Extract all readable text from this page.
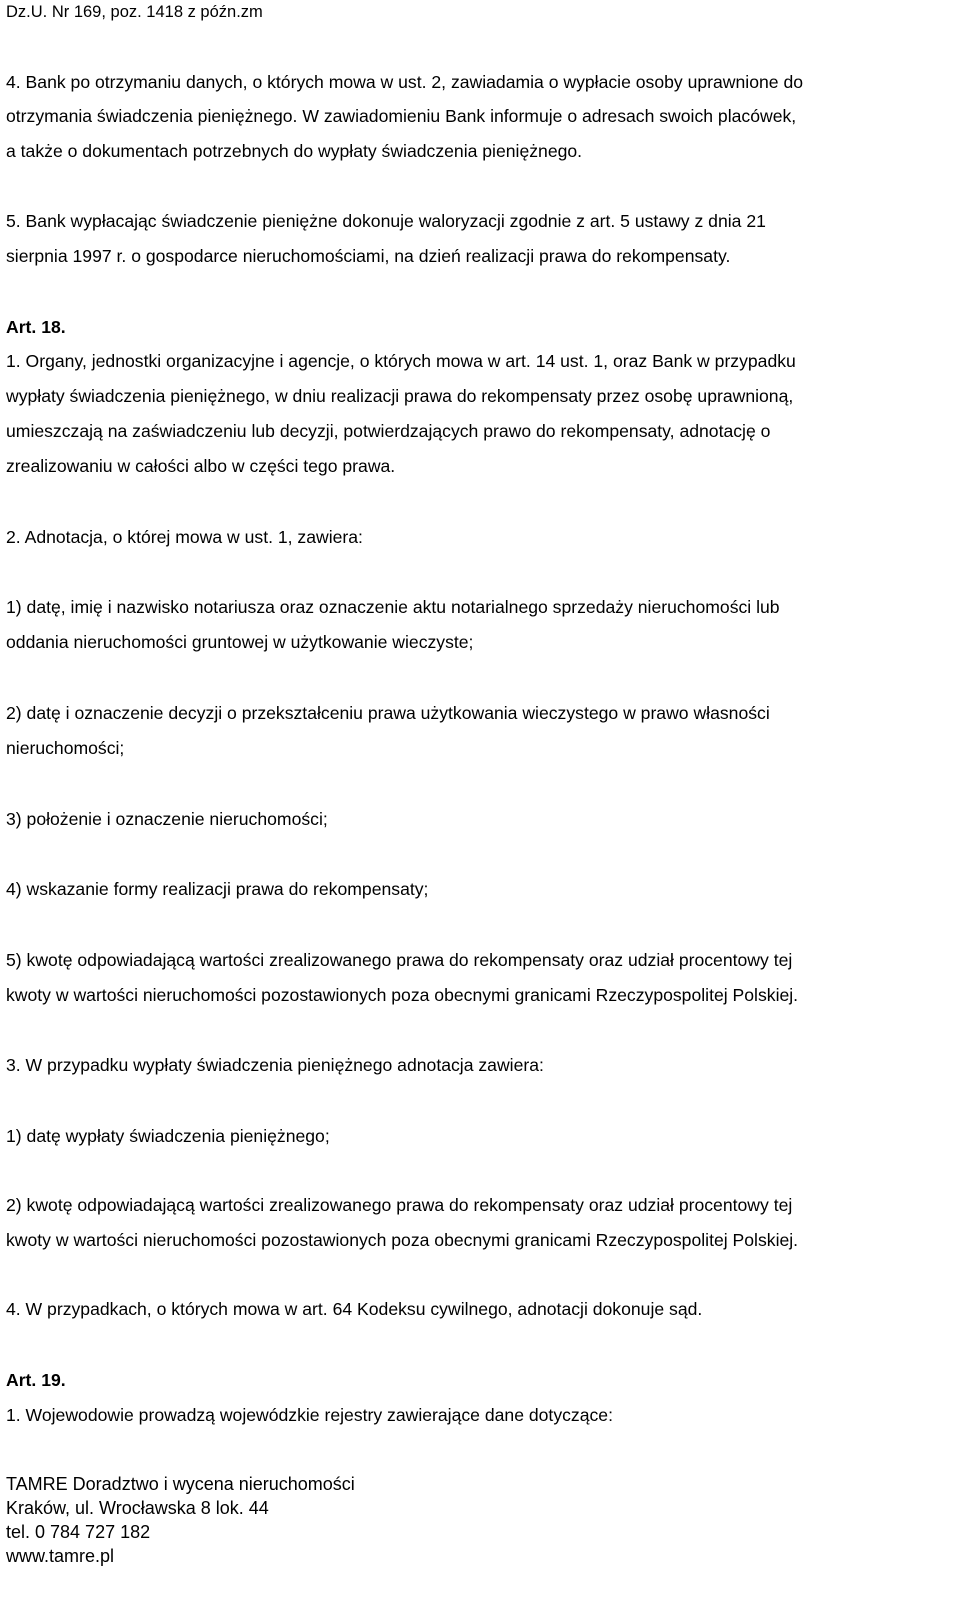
Dz.U. Nr 169, poz. 1418 z późn.zm

4. Bank po otrzymaniu danych, o których mowa w ust. 2, zawiadamia o wypłacie osoby uprawnione do

otrzymania świadczenia pieniężnego. W zawiadomieniu Bank informuje o adresach swoich placówek,

a także o dokumentach potrzebnych do wypłaty świadczenia pieniężnego.

5. Bank wypłacając świadczenie pieniężne dokonuje waloryzacji zgodnie z art. 5 ustawy z dnia 21

sierpnia 1997 r. o gospodarce nieruchomościami, na dzień realizacji prawa do rekompensaty.

Art. 18.

1. Organy, jednostki organizacyjne i agencje, o których mowa w art. 14 ust. 1, oraz Bank w przypadku

wypłaty świadczenia pieniężnego, w dniu realizacji prawa do rekompensaty przez osobę uprawnioną,

umieszczają na zaświadczeniu lub decyzji, potwierdzających prawo do rekompensaty, adnotację o

zrealizowaniu w całości albo w części tego prawa.

2. Adnotacja, o której mowa w ust. 1, zawiera:

1) datę, imię i nazwisko notariusza oraz oznaczenie aktu notarialnego sprzedaży nieruchomości lub

oddania nieruchomości gruntowej w użytkowanie wieczyste;

2) datę i oznaczenie decyzji o przekształceniu prawa użytkowania wieczystego w prawo własności

nieruchomości;

3) położenie i oznaczenie nieruchomości;

4) wskazanie formy realizacji prawa do rekompensaty;

5) kwotę odpowiadającą wartości zrealizowanego prawa do rekompensaty oraz udział procentowy tej

kwoty w wartości nieruchomości pozostawionych poza obecnymi granicami Rzeczypospolitej Polskiej.

3. W przypadku wypłaty świadczenia pieniężnego adnotacja zawiera:

1) datę wypłaty świadczenia pieniężnego;

2) kwotę odpowiadającą wartości zrealizowanego prawa do rekompensaty oraz udział procentowy tej

kwoty w wartości nieruchomości pozostawionych poza obecnymi granicami Rzeczypospolitej Polskiej.

4. W przypadkach, o których mowa w art. 64 Kodeksu cywilnego, adnotacji dokonuje sąd.

Art. 19.

1. Wojewodowie prowadzą wojewódzkie rejestry zawierające dane dotyczące:

TAMRE Doradztwo i wycena nieruchomości
Kraków, ul. Wrocławska 8 lok. 44
tel. 0 784 727 182
www.tamre.pl
